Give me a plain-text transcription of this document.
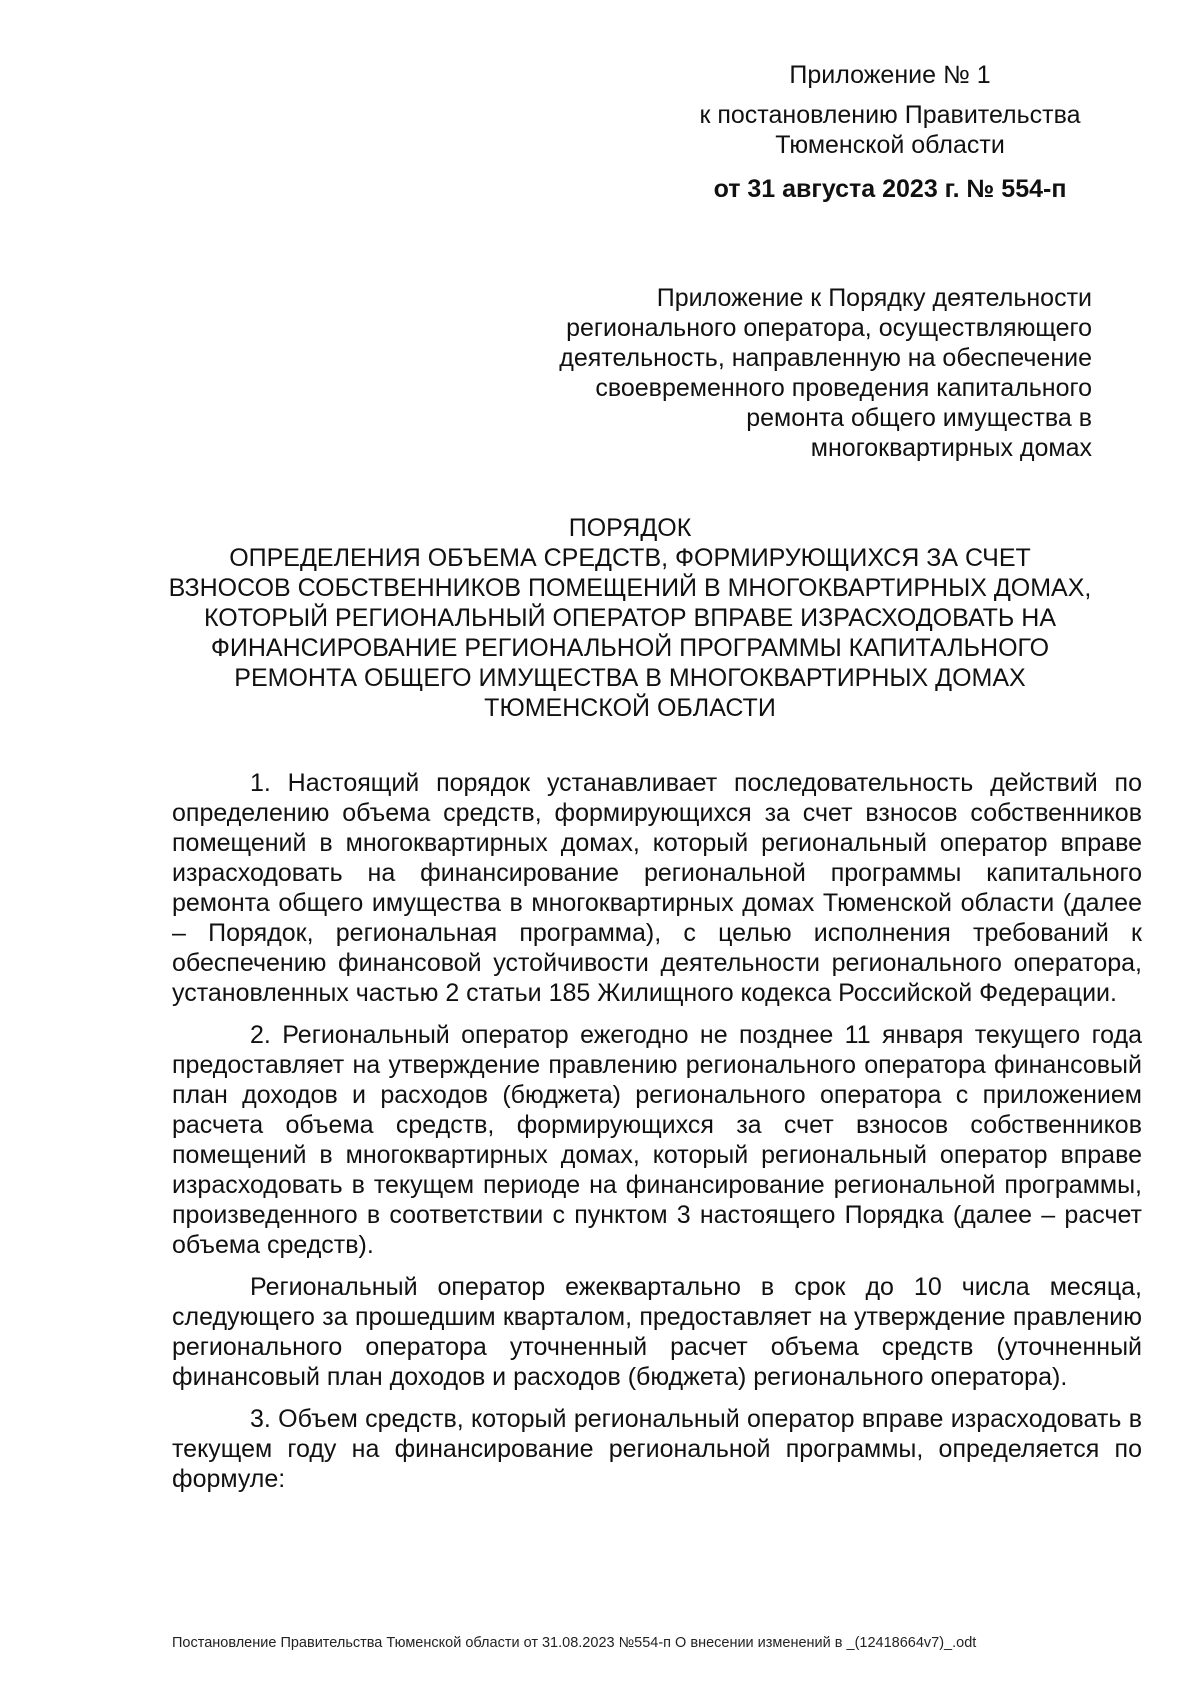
Приложение № 1
к постановлению Правительства
Тюменской области
от 31 августа 2023 г. № 554-п
Приложение к Порядку деятельности
регионального оператора, осуществляющего
деятельность, направленную на обеспечение
своевременного проведения капитального
ремонта общего имущества в
многоквартирных домах
ПОРЯДОК
ОПРЕДЕЛЕНИЯ ОБЪЕМА СРЕДСТВ, ФОРМИРУЮЩИХСЯ ЗА СЧЕТ
ВЗНОСОВ СОБСТВЕННИКОВ ПОМЕЩЕНИЙ В МНОГОКВАРТИРНЫХ ДОМАХ,
КОТОРЫЙ РЕГИОНАЛЬНЫЙ ОПЕРАТОР ВПРАВЕ ИЗРАСХОДОВАТЬ НА
ФИНАНСИРОВАНИЕ РЕГИОНАЛЬНОЙ ПРОГРАММЫ КАПИТАЛЬНОГО
РЕМОНТА ОБЩЕГО ИМУЩЕСТВА В МНОГОКВАРТИРНЫХ ДОМАХ
ТЮМЕНСКОЙ ОБЛАСТИ

1. Настоящий порядок устанавливает последовательность действий по определению объема средств, формирующихся за счет взносов собственников помещений в многоквартирных домах, который региональный оператор вправе израсходовать на финансирование региональной программы капитального ремонта общего имущества в многоквартирных домах Тюменской области (далее – Порядок, региональная программа), с целью исполнения требований к обеспечению финансовой устойчивости деятельности регионального оператора, установленных частью 2 статьи 185 Жилищного кодекса Российской Федерации.

2. Региональный оператор ежегодно не позднее 11 января текущего года предоставляет на утверждение правлению регионального оператора финансовый план доходов и расходов (бюджета) регионального оператора с приложением расчета объема средств, формирующихся за счет взносов собственников помещений в многоквартирных домах, который региональный оператор вправе израсходовать в текущем периоде на финансирование региональной программы, произведенного в соответствии с пунктом 3 настоящего Порядка (далее – расчет объема средств).

Региональный оператор ежеквартально в срок до 10 числа месяца, следующего за прошедшим кварталом, предоставляет на утверждение правлению регионального оператора уточненный расчет объема средств (уточненный финансовый план доходов и расходов (бюджета) регионального оператора).

3. Объем средств, который региональный оператор вправе израсходовать в текущем году на финансирование региональной программы, определяется по формуле:

Постановление Правительства Тюменской области от 31.08.2023 №554-п О внесении изменений в _(12418664v7)_.odt
